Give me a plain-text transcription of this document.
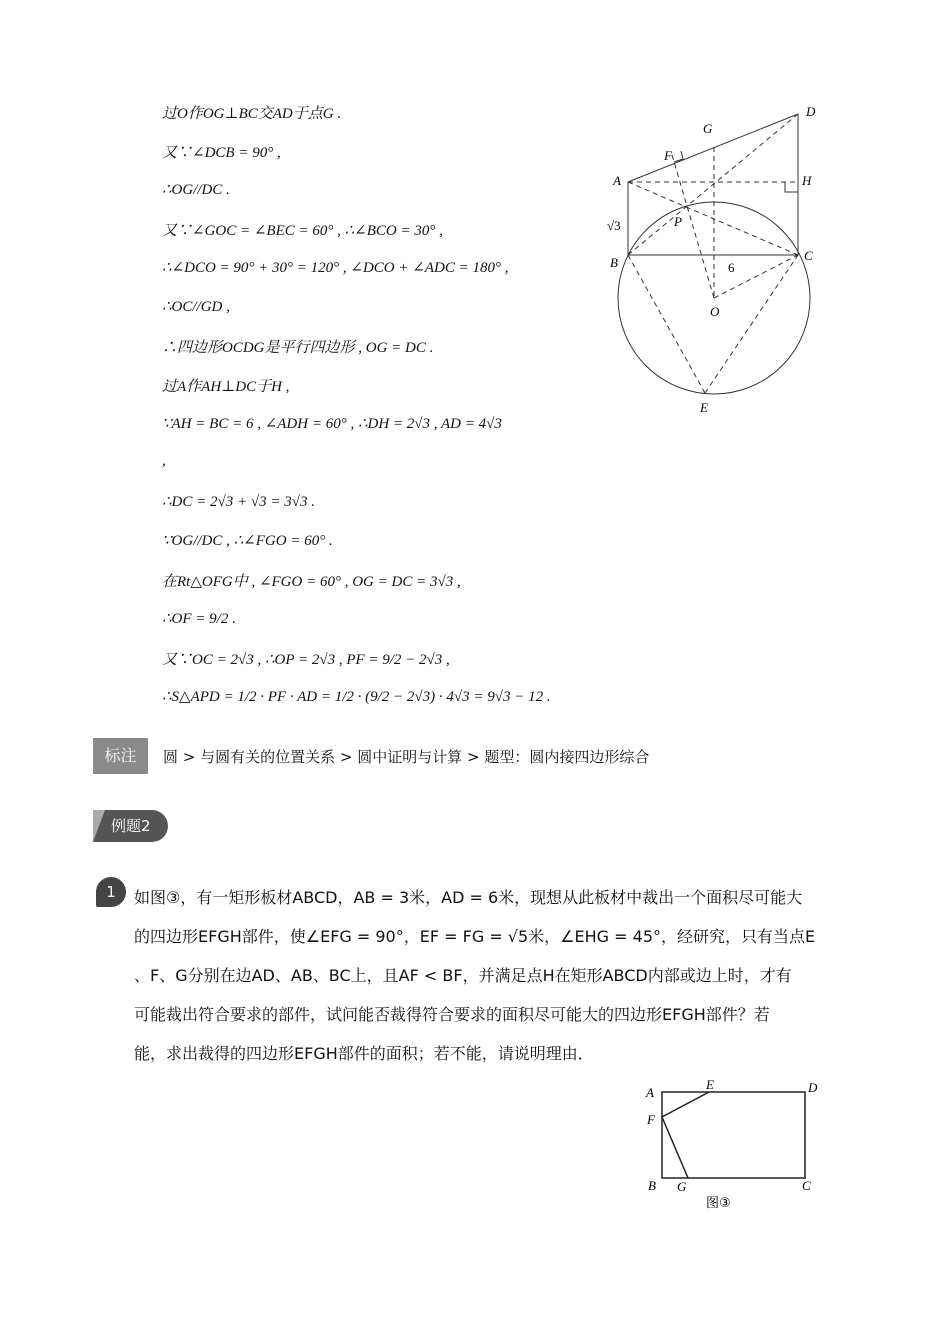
过O作OG⊥BC交AD于点G .
又∵∠DCB = 90° ,
∴OG//DC .
又∵∠GOC = ∠BEC = 60° , ∴∠BCO = 30° ,
∴∠DCO = 90° + 30° = 120° , ∠DCO + ∠ADC = 180° ,
∴OC//GD ,
∴四边形OCDG是平行四边形 , OG = DC .
过A作AH⊥DC于H ,
∵AH = BC = 6 , ∠ADH = 60° , ∴DH = 2√3 , AD = 4√3
,
∴DC = 2√3 + √3 = 3√3 .
∵OG//DC , ∴∠FGO = 60° .
在Rt△OFG中 , ∠FGO = 60° , OG = DC = 3√3 ,
∴OF = 9/2 .
又∵OC = 2√3 , ∴OP = 2√3 , PF = 9/2 − 2√3 ,
∴S△APD = 1/2 · PF · AD = 1/2 · (9/2 − 2√3) · 4√3 = 9√3 − 12 .
D
G
F
A	H
√3	P
B	C
6
O
E
标注	圆 > 与圆有关的位置关系 > 圆中证明与计算 > 题型：圆内接四边形综合
例题2
1	如图③，有一矩形板材ABCD，AB = 3米，AD = 6米，现想从此板材中裁出一个面积尽可能大
的四边形EFGH部件，使∠EFG = 90°，EF = FG = √5米，∠EHG = 45°，经研究，只有当点E
、F、G分别在边AD、AB、BC上，且AF < BF，并满足点H在矩形ABCD内部或边上时，才有
可能裁出符合要求的部件，试问能否裁得符合要求的面积尽可能大的四边形EFGH部件？若
能，求出裁得的四边形EFGH部件的面积；若不能，请说明理由．
A
E	D
F
B G	C
图③
